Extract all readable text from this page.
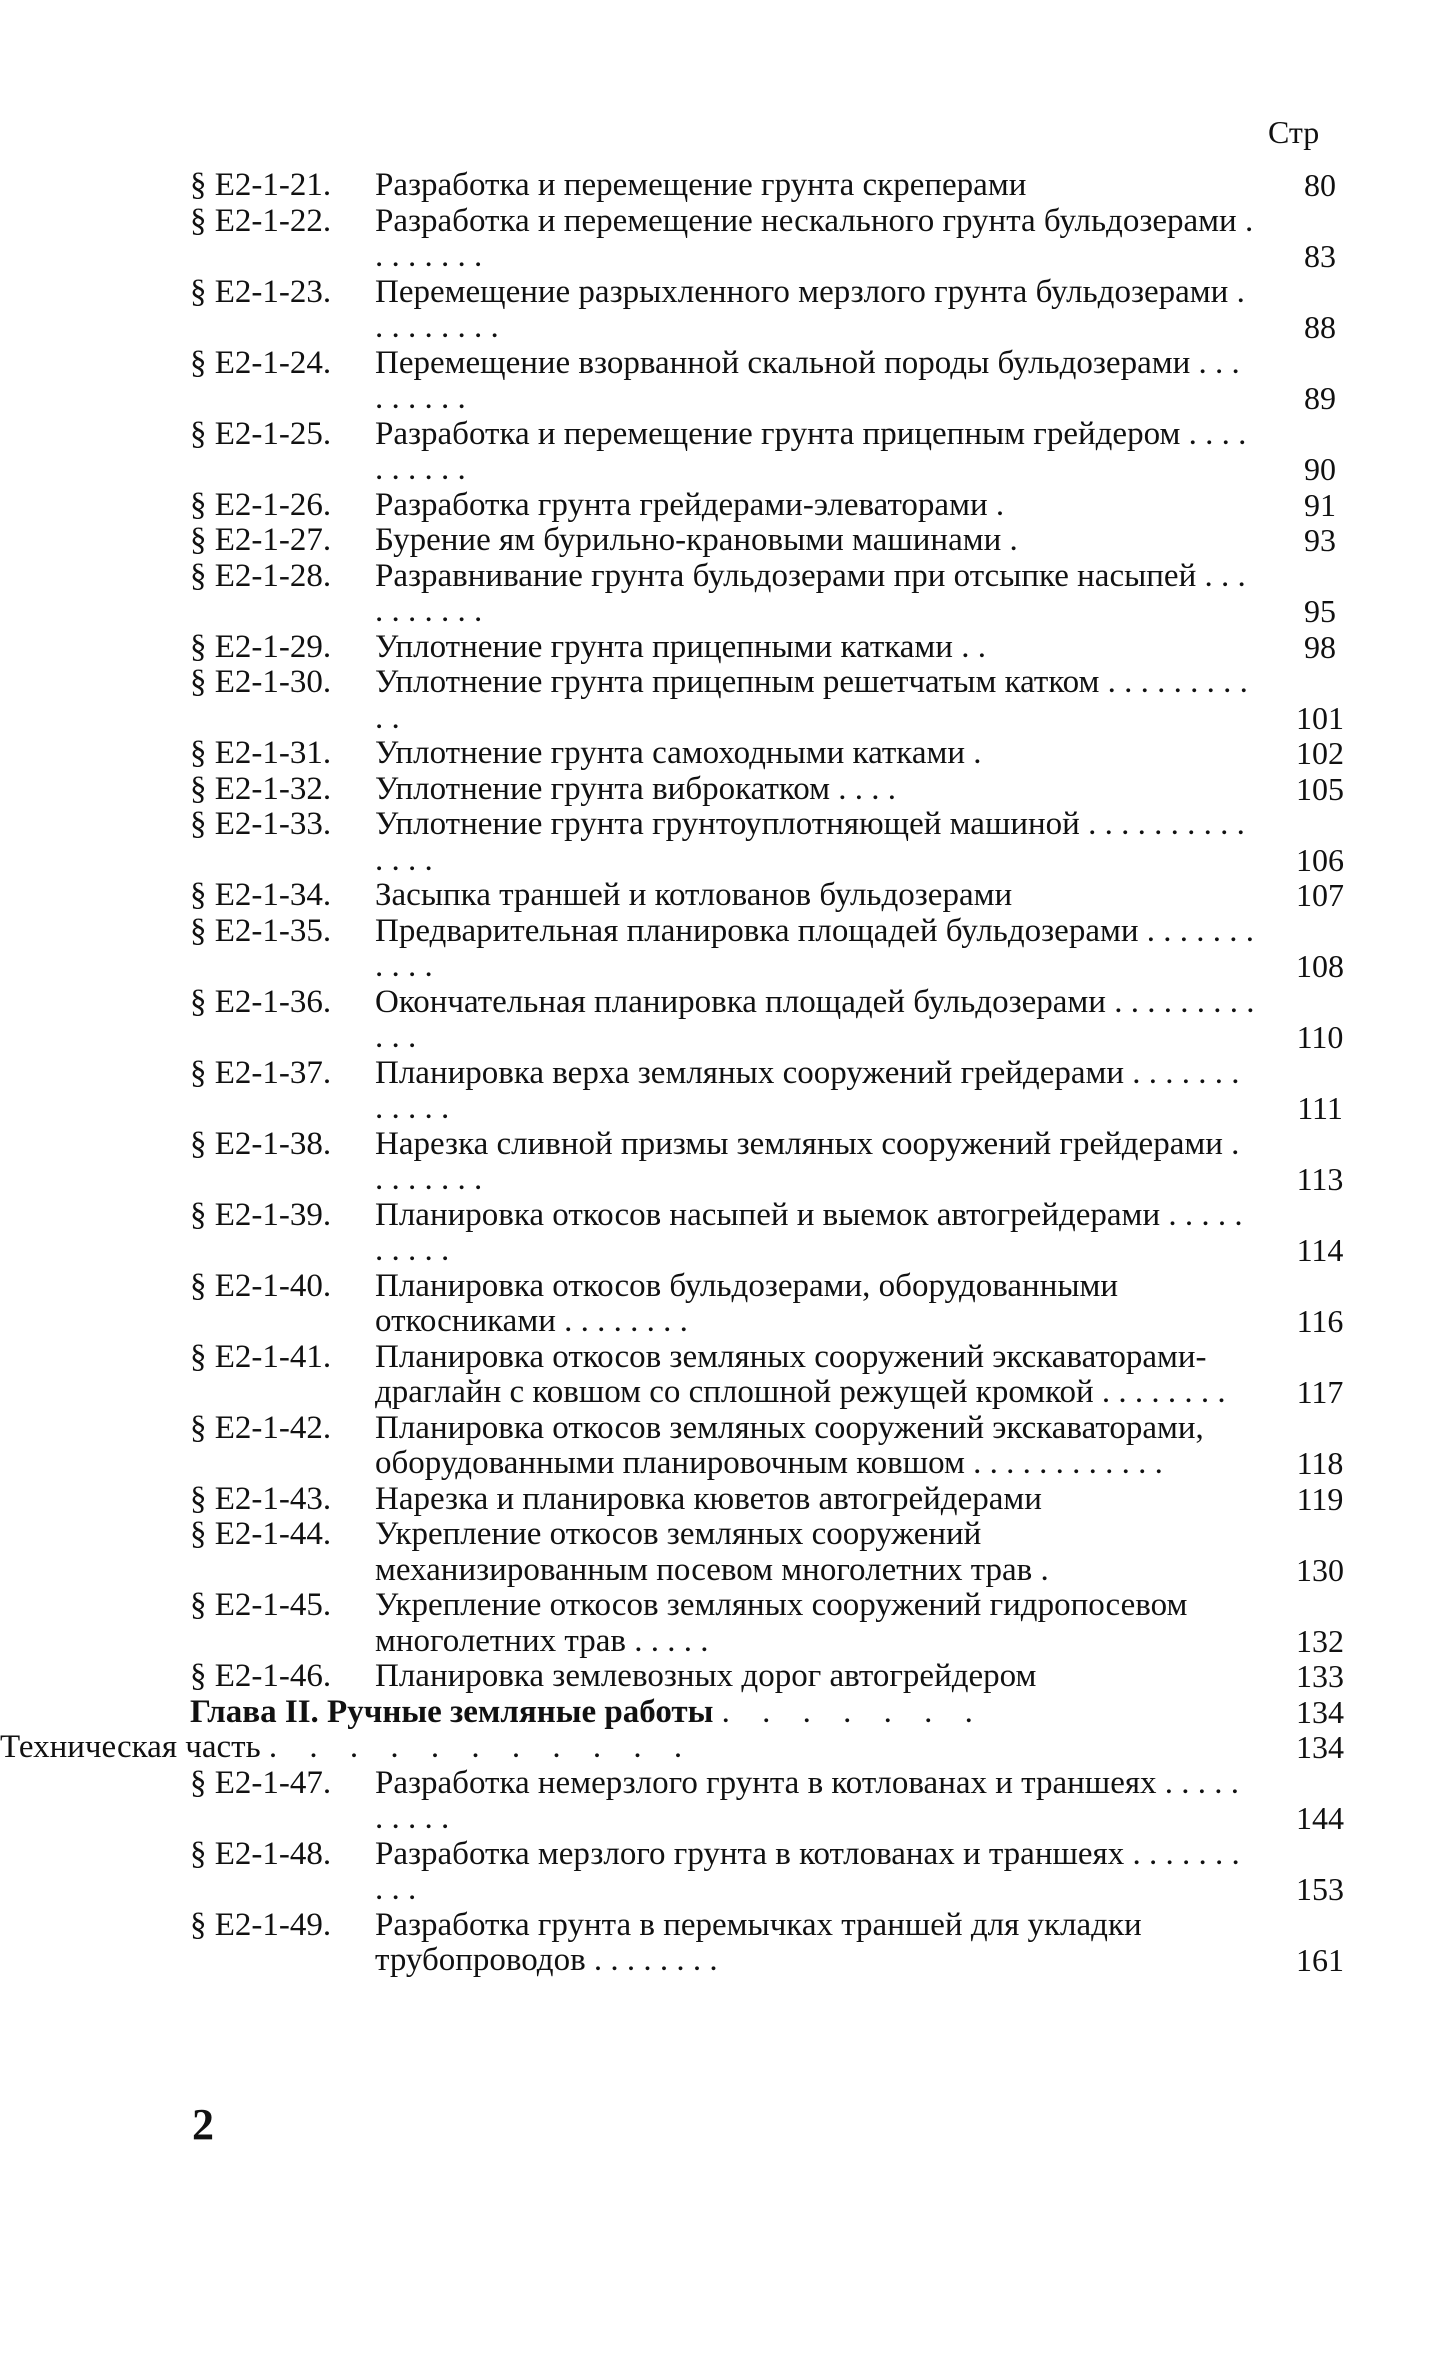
Стр
§ Е2-1-21. Разработка и перемещение грунта скреперами	80
§ Е2-1-22. Разработка и перемещение нескального грунта бульдозерами . . . . . . . .	83
§ Е2-1-23. Перемещение разрыхленного мерзлого грунта бульдозерами . . . . . . . . .	88
§ Е2-1-24. Перемещение взорванной скальной породы бульдозерами . . . . . . . . .	89
§ Е2-1-25. Разработка и перемещение грунта прицепным грейдером . . . . . . . . . .	90
§ Е2-1-26. Разработка грунта грейдерами-элеваторами .	91
§ Е2-1-27. Бурение ям бурильно-крановыми машинами .	93
§ Е2-1-28. Разравнивание грунта бульдозерами при отсыпке насыпей . . . . . . . . . .	95
§ Е2-1-29. Уплотнение грунта прицепными катками . .	98
§ Е2-1-30. Уплотнение грунта прицепным решетчатым катком . . . . . . . . . . .	101
§ Е2-1-31. Уплотнение грунта самоходными катками .	102
§ Е2-1-32. Уплотнение грунта виброкатком . . . .	105
§ Е2-1-33. Уплотнение грунта грунтоуплотняющей машиной . . . . . . . . . . . . . .	106
§ Е2-1-34. Засыпка траншей и котлованов бульдозерами	107
§ Е2-1-35. Предварительная планировка площадей бульдозерами . . . . . . . . . . .	108
§ Е2-1-36. Окончательная планировка площадей бульдозерами . . . . . . . . . . . .	110
§ Е2-1-37. Планировка верха земляных сооружений грейдерами . . . . . . . . . . . .	111
§ Е2-1-38. Нарезка сливной призмы земляных сооружений грейдерами . . . . . . . .	113
§ Е2-1-39. Планировка откосов насыпей и выемок автогрейдерами . . . . . . . . . .	114
§ Е2-1-40. Планировка откосов бульдозерами, оборудованными откосниками . . . . . . . .	116
§ Е2-1-41. Планировка откосов земляных сооружений экскаваторами-драглайн с ковшом со сплошной режущей кромкой . . . . . . . .	117
§ Е2-1-42. Планировка откосов земляных сооружений экскаваторами, оборудованными планировочным ковшом . . . . . . . . . . . .	118
§ Е2-1-43. Нарезка и планировка кюветов автогрейдерами	119
§ Е2-1-44. Укрепление откосов земляных сооружений механизированным посевом многолетних трав .	130
§ Е2-1-45. Укрепление откосов земляных сооружений гидропосевом многолетних трав . . . . .	132
§ Е2-1-46. Планировка землевозных дорог автогрейдером	133
Глава II. Ручные земляные работы . . . . . . .	134
Техническая часть . . . . . . . . . . .	134
§ Е2-1-47. Разработка немерзлого грунта в котлованах и траншеях . . . . . . . . . .	144
§ Е2-1-48. Разработка мерзлого грунта в котлованах и траншеях . . . . . . . . . .	153
§ Е2-1-49. Разработка грунта в перемычках траншей для укладки трубопроводов . . . . . . . .	161
2
